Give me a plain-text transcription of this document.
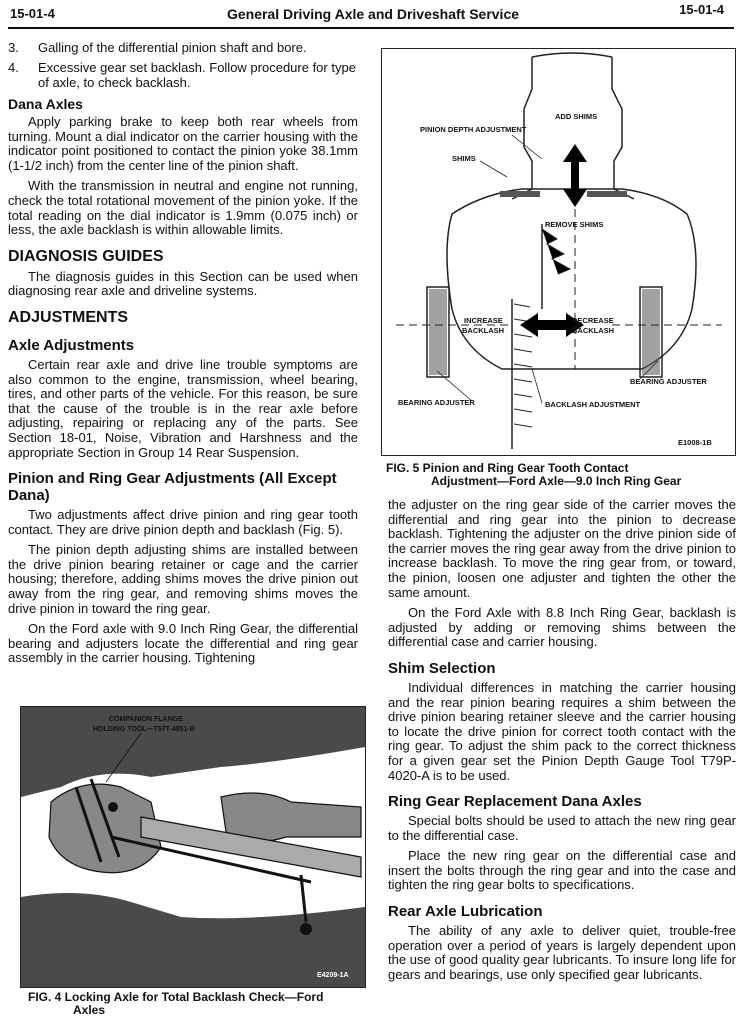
15-01-4	General Driving Axle and Driveshaft Service	15-01-4
3. Galling of the differential pinion shaft and bore.
4. Excessive gear set backlash. Follow procedure for type of axle, to check backlash.
Dana Axles

Apply parking brake to keep both rear wheels from turning. Mount a dial indicator on the carrier housing with the indicator point positioned to contact the pinion yoke 38.1mm (1-1/2 inch) from the center line of the pinion shaft.

With the transmission in neutral and engine not running, check the total rotational movement of the pinion yoke. If the total reading on the dial indicator is 1.9mm (0.075 inch) or less, the axle backlash is within allowable limits.

DIAGNOSIS GUIDES

The diagnosis guides in this Section can be used when diagnosing rear axle and driveline systems.

ADJUSTMENTS
Axle Adjustments

Certain rear axle and drive line trouble symptoms are also common to the engine, transmission, wheel bearing, tires, and other parts of the vehicle. For this reason, be sure that the cause of the trouble is in the rear axle before adjusting, repairing or replacing any of the parts. See Section 18-01, Noise, Vibration and Harshness and the appropriate Section in Group 14 Rear Suspension.

Pinion and Ring Gear Adjustments (All Except Dana)

Two adjustments affect drive pinion and ring gear tooth contact. They are drive pinion depth and backlash (Fig. 5).

The pinion depth adjusting shims are installed between the drive pinion bearing retainer or cage and the carrier housing; therefore, adding shims moves the drive pinion out away from the ring gear, and removing shims moves the drive pinion in toward the ring gear.

On the Ford axle with 9.0 Inch Ring Gear, the differential bearing and adjusters locate the differential and ring gear assembly in the carrier housing. Tightening

ADD SHIMS
PINION DEPTH ADJUSTMENT
SHIMS
REMOVE SHIMS
INCREASE
BACKLASH
DECREASE
BACKLASH
BEARING ADJUSTER
BEARING ADJUSTER	BACKLASH ADJUSTMENT
E1008-1B
FIG. 5 Pinion and Ring Gear Tooth Contact
Adjustment—Ford Axle—9.0 Inch Ring Gear

the adjuster on the ring gear side of the carrier moves the differential and ring gear into the pinion to decrease backlash. Tightening the adjuster on the drive pinion side of the carrier moves the ring gear away from the drive pinion to increase backlash. To move the ring gear from, or toward, the pinion, loosen one adjuster and tighten the other the same amount.

On the Ford Axle with 8.8 Inch Ring Gear, backlash is adjusted by adding or removing shims between the differential case and carrier housing.

Shim Selection

Individual differences in matching the carrier housing and the rear pinion bearing requires a shim between the drive pinion bearing retainer sleeve and the carrier housing to locate the drive pinion for correct tooth contact with the ring gear. To adjust the shim pack to the correct thickness for a given gear set the Pinion Depth Gauge Tool T79P-4020-A is to be used.

Ring Gear Replacement Dana Axles

Special bolts should be used to attach the new ring gear to the differential case.

Place the new ring gear on the differential case and insert the bolts through the ring gear and into the case and tighten the ring gear bolts to specifications.

Rear Axle Lubrication

The ability of any axle to deliver quiet, trouble-free operation over a period of years is largely dependent upon the use of good quality gear lubricants. To insure long life for gears and bearings, use only specified gear lubricants.

COMPANION FLANGE
HOLDING TOOL—T57T-4851-B
E4209-1A
FIG. 4 Locking Axle for Total Backlash Check—Ford
Axles
